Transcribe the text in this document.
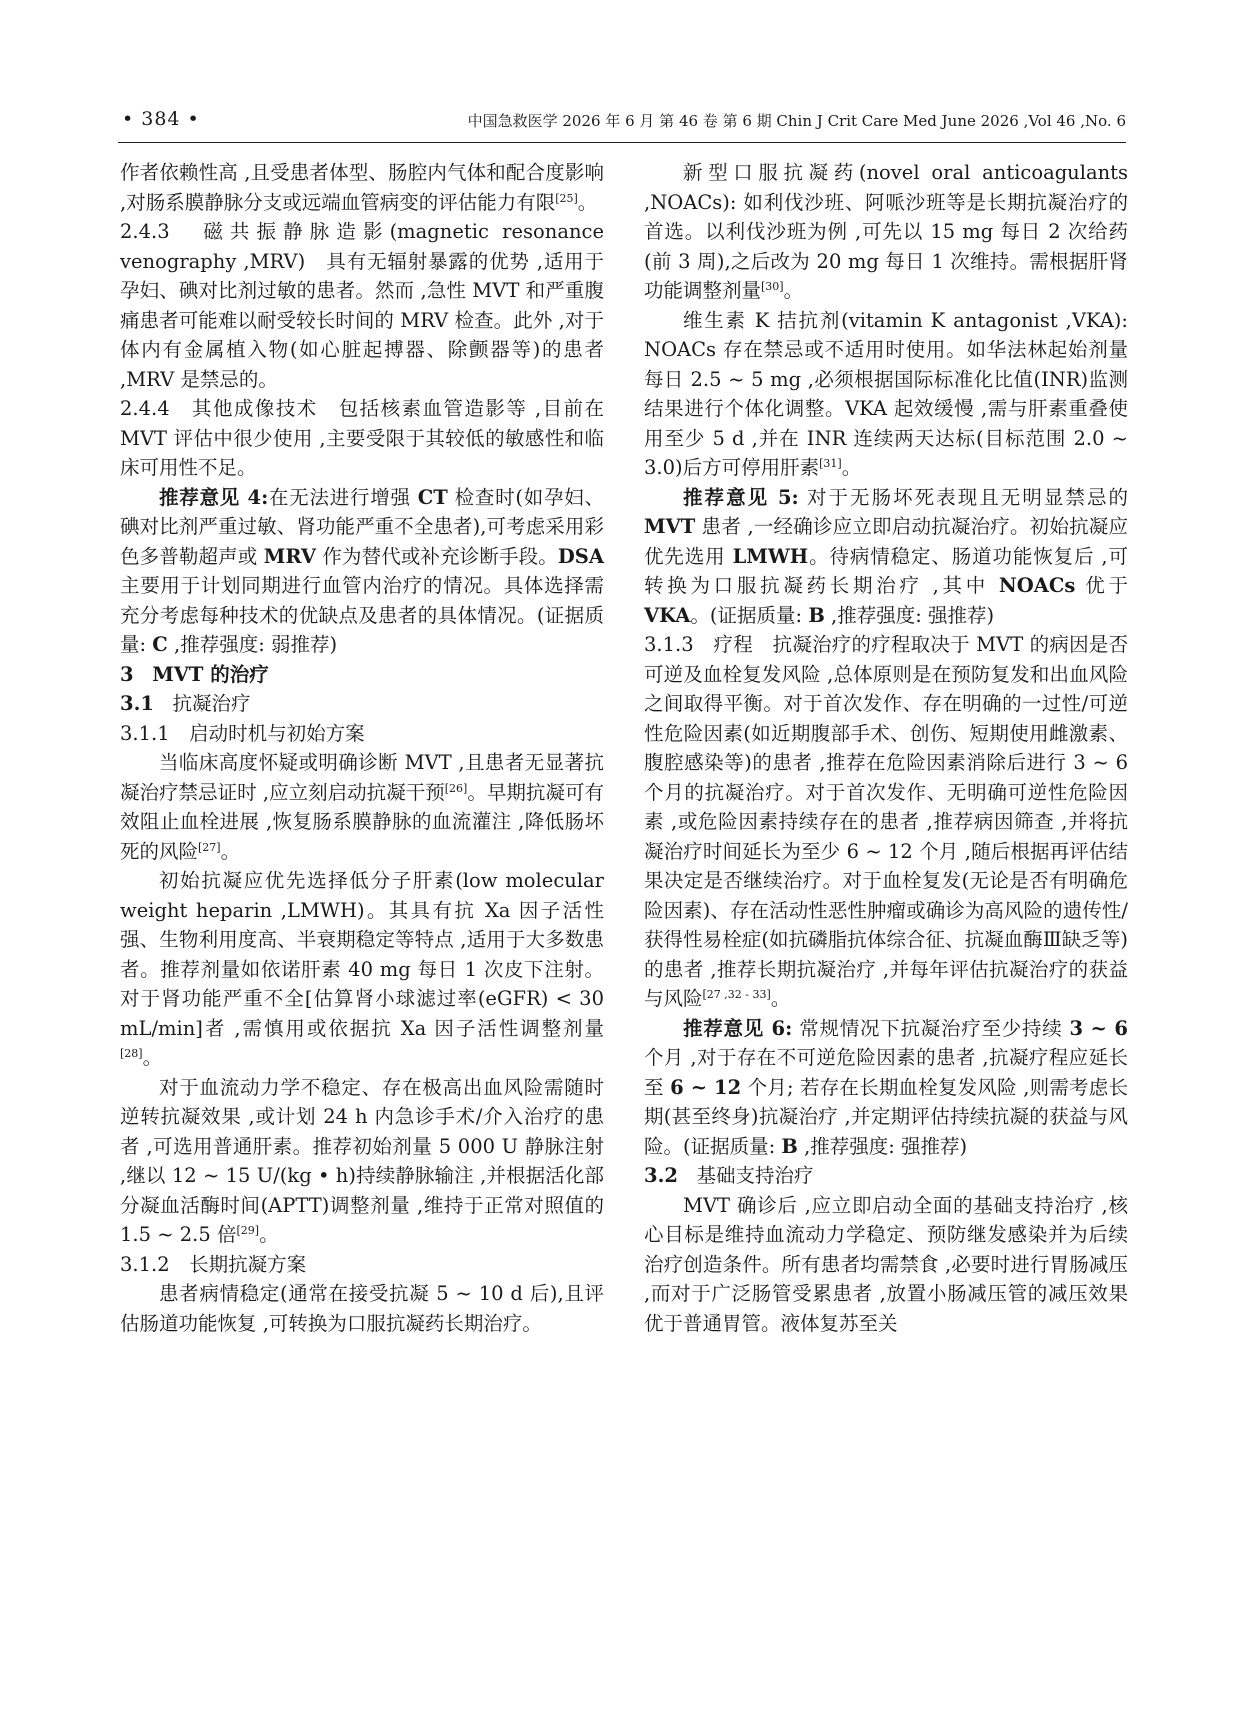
• 384 •	中国急救医学 2026 年 6 月 第 46 卷 第 6 期 Chin J Crit Care Med June 2026 ,Vol 46 ,No. 6

作者依赖性高 ,且受患者体型、肠腔内气体和配合度影响 ,对肠系膜静脉分支或远端血管病变的评估能力有限[25]。

2.4.3　磁共振静脉造影(magnetic resonance venography ,MRV)　具有无辐射暴露的优势 ,适用于孕妇、碘对比剂过敏的患者。然而 ,急性 MVT 和严重腹痛患者可能难以耐受较长时间的 MRV 检查。此外 ,对于体内有金属植入物(如心脏起搏器、除颤器等)的患者 ,MRV 是禁忌的。

2.4.4　其他成像技术　包括核素血管造影等 ,目前在 MVT 评估中很少使用 ,主要受限于其较低的敏感性和临床可用性不足。

推荐意见 4:在无法进行增强 CT 检查时(如孕妇、碘对比剂严重过敏、肾功能严重不全患者),可考虑采用彩色多普勒超声或 MRV 作为替代或补充诊断手段。DSA 主要用于计划同期进行血管内治疗的情况。具体选择需充分考虑每种技术的优缺点及患者的具体情况。(证据质量: C ,推荐强度: 弱推荐)

3 MVT 的治疗

3.1 抗凝治疗

3.1.1　启动时机与初始方案

当临床高度怀疑或明确诊断 MVT ,且患者无显著抗凝治疗禁忌证时 ,应立刻启动抗凝干预[26]。早期抗凝可有效阻止血栓进展 ,恢复肠系膜静脉的血流灌注 ,降低肠坏死的风险[27]。

初始抗凝应优先选择低分子肝素(low molecular weight heparin ,LMWH)。其具有抗 Xa 因子活性强、生物利用度高、半衰期稳定等特点 ,适用于大多数患者。推荐剂量如依诺肝素 40 mg 每日 1 次皮下注射。对于肾功能严重不全[估算肾小球滤过率(eGFR) < 30 mL/min]者 ,需慎用或依据抗 Xa 因子活性调整剂量[28]。

对于血流动力学不稳定、存在极高出血风险需随时逆转抗凝效果 ,或计划 24 h 内急诊手术/介入治疗的患者 ,可选用普通肝素。推荐初始剂量 5 000 U 静脉注射 ,继以 12 ~ 15 U/(kg • h)持续静脉输注 ,并根据活化部分凝血活酶时间(APTT)调整剂量 ,维持于正常对照值的 1.5 ~ 2.5 倍[29]。

3.1.2　长期抗凝方案

患者病情稳定(通常在接受抗凝 5 ~ 10 d 后),且评估肠道功能恢复 ,可转换为口服抗凝药长期治疗。

新型口服抗凝药(novel oral anticoagulants ,NOACs): 如利伐沙班、阿哌沙班等是长期抗凝治疗的首选。以利伐沙班为例 ,可先以 15 mg 每日 2 次给药(前 3 周),之后改为 20 mg 每日 1 次维持。需根据肝肾功能调整剂量[30]。

维生素 K 拮抗剂(vitamin K antagonist ,VKA): NOACs 存在禁忌或不适用时使用。如华法林起始剂量每日 2.5 ~ 5 mg ,必须根据国际标准化比值(INR)监测结果进行个体化调整。VKA 起效缓慢 ,需与肝素重叠使用至少 5 d ,并在 INR 连续两天达标(目标范围 2.0 ~ 3.0)后方可停用肝素[31]。

推荐意见 5: 对于无肠坏死表现且无明显禁忌的 MVT 患者 ,一经确诊应立即启动抗凝治疗。初始抗凝应优先选用 LMWH。待病情稳定、肠道功能恢复后 ,可转换为口服抗凝药长期治疗 ,其中 NOACs 优于 VKA。(证据质量: B ,推荐强度: 强推荐)

3.1.3　疗程　抗凝治疗的疗程取决于 MVT 的病因是否可逆及血栓复发风险 ,总体原则是在预防复发和出血风险之间取得平衡。对于首次发作、存在明确的一过性/可逆性危险因素(如近期腹部手术、创伤、短期使用雌激素、腹腔感染等)的患者 ,推荐在危险因素消除后进行 3 ~ 6 个月的抗凝治疗。对于首次发作、无明确可逆性危险因素 ,或危险因素持续存在的患者 ,推荐病因筛查 ,并将抗凝治疗时间延长为至少 6 ~ 12 个月 ,随后根据再评估结果决定是否继续治疗。对于血栓复发(无论是否有明确危险因素)、存在活动性恶性肿瘤或确诊为高风险的遗传性/获得性易栓症(如抗磷脂抗体综合征、抗凝血酶Ⅲ缺乏等)的患者 ,推荐长期抗凝治疗 ,并每年评估抗凝治疗的获益与风险[27 ,32 - 33]。

推荐意见 6: 常规情况下抗凝治疗至少持续 3 ~ 6 个月 ,对于存在不可逆危险因素的患者 ,抗凝疗程应延长至 6 ~ 12 个月; 若存在长期血栓复发风险 ,则需考虑长期(甚至终身)抗凝治疗 ,并定期评估持续抗凝的获益与风险。(证据质量: B ,推荐强度: 强推荐)

3.2 基础支持治疗

MVT 确诊后 ,应立即启动全面的基础支持治疗 ,核心目标是维持血流动力学稳定、预防继发感染并为后续治疗创造条件。所有患者均需禁食 ,必要时进行胃肠减压 ,而对于广泛肠管受累患者 ,放置小肠减压管的减压效果优于普通胃管。液体复苏至关
